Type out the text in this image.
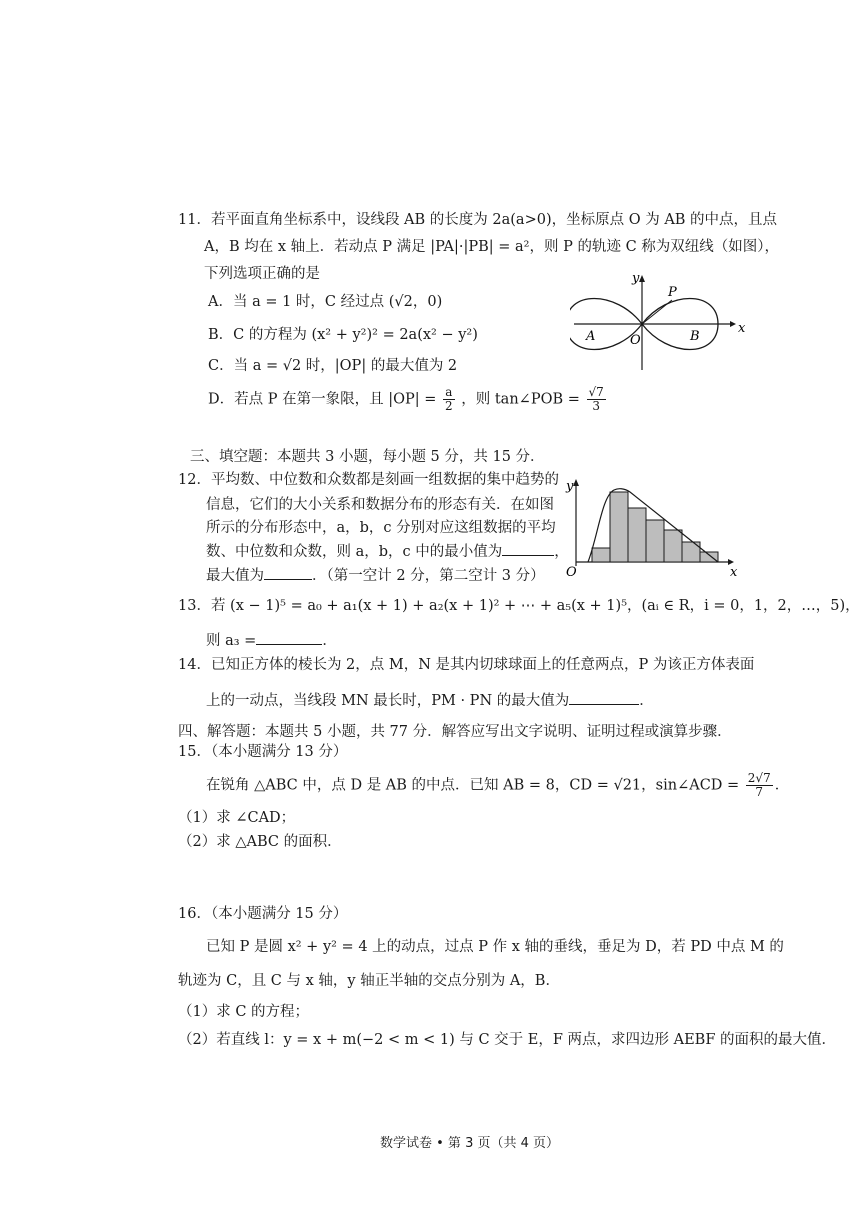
11．若平面直角坐标系中，设线段 AB 的长度为 2a(a>0)，坐标原点 O 为 AB 的中点，且点
A，B 均在 x 轴上．若动点 P 满足 |PA|·|PB| = a²，则 P 的轨迹 C 称为双纽线（如图），
下列选项正确的是
A．当 a = 1 时，C 经过点 (√2，0)
B．C 的方程为 (x² + y²)² = 2a(x² − y²)
C．当 a = √2 时，|OP| 的最大值为 2
D．若点 P 在第一象限，且 $|OP| = \frac{a}{2}$ ，则 tan∠POB = $\frac{√7}{3}$
y
x
P
A	O	B
三、填空题：本题共 3 小题，每小题 5 分，共 15 分．
12．平均数、中位数和众数都是刻画一组数据的集中趋势的
信息，它们的大小关系和数据分布的形态有关．在如图
所示的分布形态中，a，b，c 分别对应这组数据的平均
数、中位数和众数，则 a，b，c 中的最小值为	，
最大值为	．（第一空计 2 分，第二空计 3 分）
y
x
O
13．若 (x − 1)⁵ = a₀ + a₁(x + 1) + a₂(x + 1)² + ⋯ + a₅(x + 1)⁵，(aᵢ ∈ R，i = 0，1，2，…，5)，
则 a₃ =	．
14．已知正方体的棱长为 2，点 M，N 是其内切球球面上的任意两点，P 为该正方体表面
上的一动点，当线段 MN 最长时，PM · PN 的最大值为	．
四、解答题：本题共 5 小题，共 77 分．解答应写出文字说明、证明过程或演算步骤．
15．（本小题满分 13 分）
在锐角 △ABC 中，点 D 是 AB 的中点．已知 AB = 8，CD = √21，sin∠ACD = $\frac{2√7}{7}$ ．
（1）求 ∠CAD；
（2）求 △ABC 的面积．
16．（本小题满分 15 分）
已知 P 是圆 x² + y² = 4 上的动点，过点 P 作 x 轴的垂线，垂足为 D，若 PD 中点 M 的
轨迹为 C，且 C 与 x 轴，y 轴正半轴的交点分别为 A，B．
（1）求 C 的方程；
（2）若直线 l：y = x + m(−2 < m < 1) 与 C 交于 E，F 两点，求四边形 AEBF 的面积的最大值．
数学试卷 • 第 3 页（共 4 页）
